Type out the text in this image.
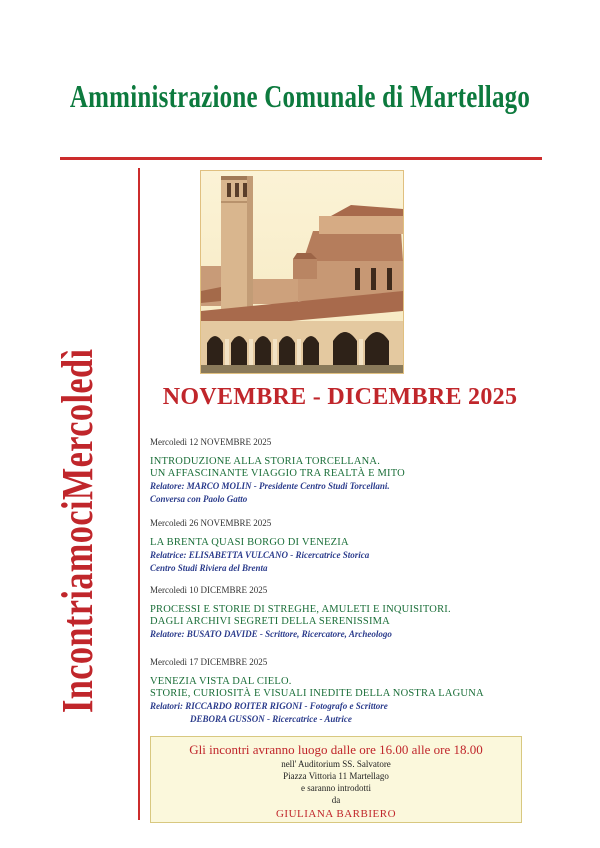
Amministrazione Comunale di Martellago
IncontriamociMercoledì	NOVEMBRE - DICEMBRE 2025
Mercoledì 12 NOVEMBRE 2025
INTRODUZIONE ALLA STORIA TORCELLANA.
UN AFFASCINANTE VIAGGIO TRA REALTÀ E MITO
Relatore: MARCO MOLIN - Presidente Centro Studi Torcellani.
Conversa con Paolo Gatto
Mercoledì 26 NOVEMBRE 2025
LA BRENTA QUASI BORGO DI VENEZIA
Relatrice: ELISABETTA VULCANO - Ricercatrice Storica
Centro Studi Riviera del Brenta
Mercoledì 10 DICEMBRE 2025
PROCESSI E STORIE DI STREGHE, AMULETI E INQUISITORI.
DAGLI ARCHIVI SEGRETI DELLA SERENISSIMA
Relatore: BUSATO DAVIDE - Scrittore, Ricercatore, Archeologo
Mercoledì 17 DICEMBRE 2025
VENEZIA VISTA DAL CIELO.
STORIE, CURIOSITÀ E VISUALI INEDITE DELLA NOSTRA LAGUNA
Relatori: RICCARDO ROITER RIGONI - Fotografo e Scrittore
DEBORA GUSSON - Ricercatrice - Autrice
Gli incontri avranno luogo dalle ore 16.00 alle ore 18.00
nell' Auditorium SS. Salvatore
Piazza Vittoria 11 Martellago
e saranno introdotti
da
GIULIANA BARBIERO
